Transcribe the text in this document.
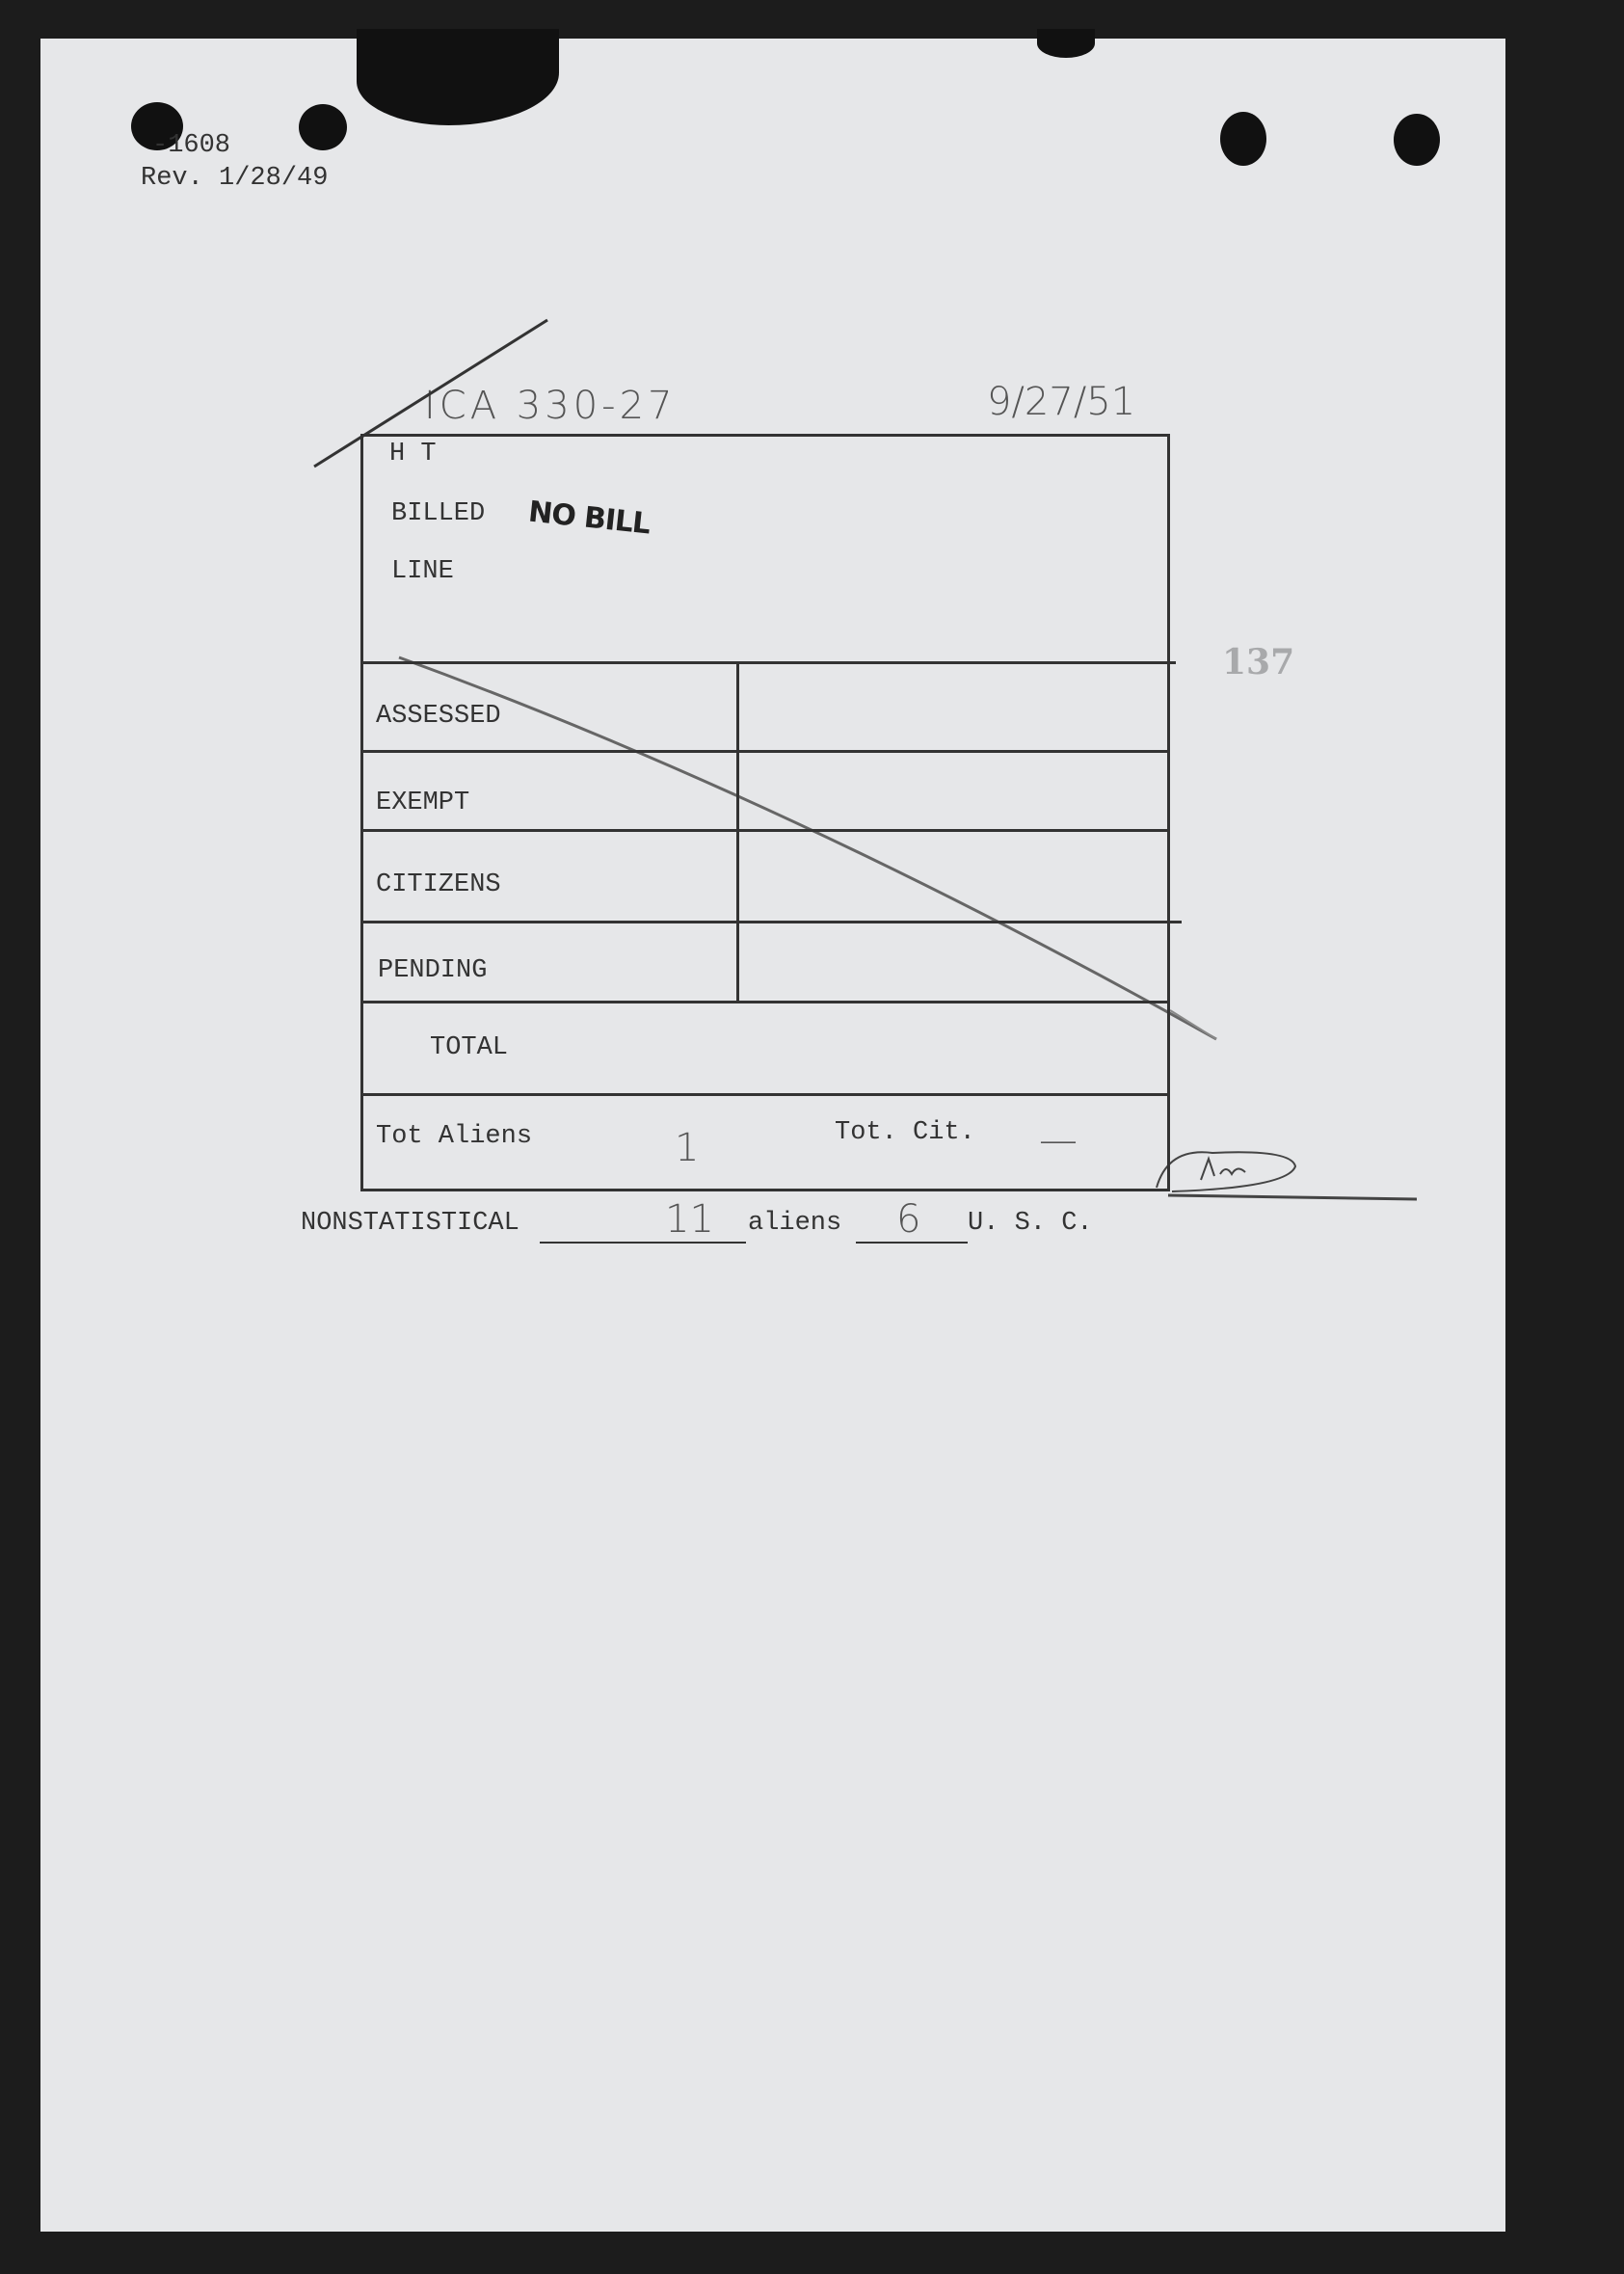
-1608
Rev. 1/28/49
ICA 330-27	9/27/51
137
H T
BILLED NO BILL
LINE
ASSESSED
EXEMPT
CITIZENS
PENDING
TOTAL
Tot Aliens	1	Tot. Cit. —
NONSTATISTICAL	11 aliens 6 U. S. C.
